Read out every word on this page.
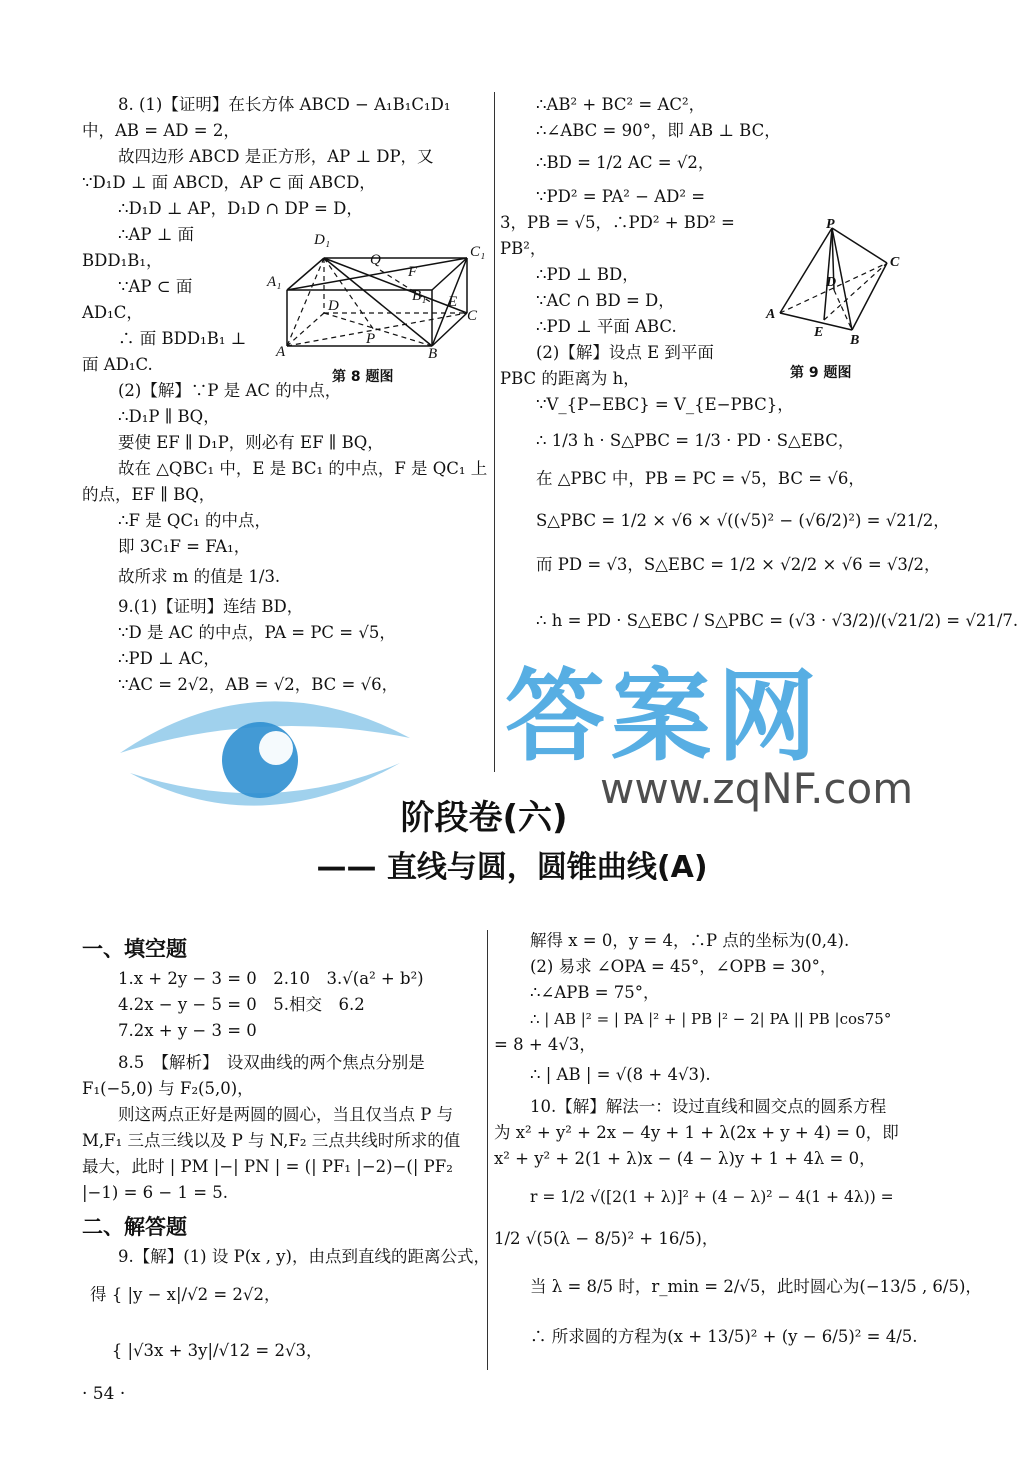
8. (1)【证明】在长方体 ABCD − A₁B₁C₁D₁

中，AB = AD = 2，

故四边形 ABCD 是正方形，AP ⊥ DP，又

∵D₁D ⊥ 面 ABCD，AP ⊂ 面 ABCD，

∴D₁D ⊥ AP，D₁D ∩ DP = D，

∴AP ⊥ 面

BDD₁B₁，

∵AP ⊂ 面

AD₁C，

∴ 面 BDD₁B₁ ⊥

面 AD₁C.

(2)【解】∵P 是 AC 的中点，

∴D₁P ∥ BQ，

要使 EF ∥ D₁P，则必有 EF ∥ BQ，

故在 △QBC₁ 中，E 是 BC₁ 的中点，F 是 QC₁ 上

的点，EF ∥ BQ，

∴F 是 QC₁ 的中点，

即 3C₁F = FA₁，

故所求 m 的值是 1/3.

9.(1)【证明】连结 BD，

∵D 是 AC 的中点，PA = PC = √5，

∴PD ⊥ AC，

∵AC = 2√2，AB = √2，BC = √6，

D₁
C₁
A₁
B₁
Q
F
E
D
C
P
A	B
第 8 题图

∴AB² + BC² = AC²，

∴∠ABC = 90°，即 AB ⊥ BC，

∴BD = 1/2 AC = √2，

∵PD² = PA² − AD² =

3，PB = √5，∴PD² + BD² =

PB²，

∴PD ⊥ BD，

∵AC ∩ BD = D，

∴PD ⊥ 平面 ABC.

(2)【解】设点 E 到平面

PBC 的距离为 h，

∵V_{P−EBC} = V_{E−PBC}，

∴ 1/3 h · S△PBC = 1/3 · PD · S△EBC，

在 △PBC 中，PB = PC = √5，BC = √6，

S△PBC = 1/2 × √6 × √((√5)² − (√6/2)²) = √21/2，

而 PD = √3，S△EBC = 1/2 × √2/2 × √6 = √3/2，

∴ h = PD · S△EBC / S△PBC = (√3 · √3/2)/(√21/2) = √21/7.

P
C
D
A
E
B
第 9 题图
答案网
www.zqNF.com
阶段卷(六)
—— 直线与圆，圆锥曲线(A)
一、填空题

1.x + 2y − 3 = 0　2.10　3.√(a² + b²)

4.2x − y − 5 = 0　5.相交　6.2

7.2x + y − 3 = 0

8.5　【解析】　设双曲线的两个焦点分别是

F₁(−5,0) 与 F₂(5,0)，

则这两点正好是两圆的圆心，当且仅当点 P 与

M,F₁ 三点三线以及 P 与 N,F₂ 三点共线时所求的值

最大，此时 | PM |−| PN | = (| PF₁ |−2)−(| PF₂

|−1) = 6 − 1 = 5.

二、解答题

9.【解】(1) 设 P(x , y)，由点到直线的距离公式，

得 { |y − x|/√2 = 2√2，

　 { |√3x + 3y|/√12 = 2√3，

解得 x = 0，y = 4，∴P 点的坐标为(0,4).

(2) 易求 ∠OPA = 45°，∠OPB = 30°，

∴∠APB = 75°，

∴ | AB |² = | PA |² + | PB |² − 2| PA || PB |cos75°

= 8 + 4√3，

∴ | AB | = √(8 + 4√3).

10.【解】解法一：设过直线和圆交点的圆系方程

为 x² + y² + 2x − 4y + 1 + λ(2x + y + 4) = 0，即

x² + y² + 2(1 + λ)x − (4 − λ)y + 1 + 4λ = 0，

r = 1/2 √([2(1 + λ)]² + (4 − λ)² − 4(1 + 4λ)) =

1/2 √(5(λ − 8/5)² + 16/5)，

当 λ = 8/5 时，r_min = 2/√5，此时圆心为(−13/5 , 6/5)，

∴ 所求圆的方程为(x + 13/5)² + (y − 6/5)² = 4/5.

· 54 ·
